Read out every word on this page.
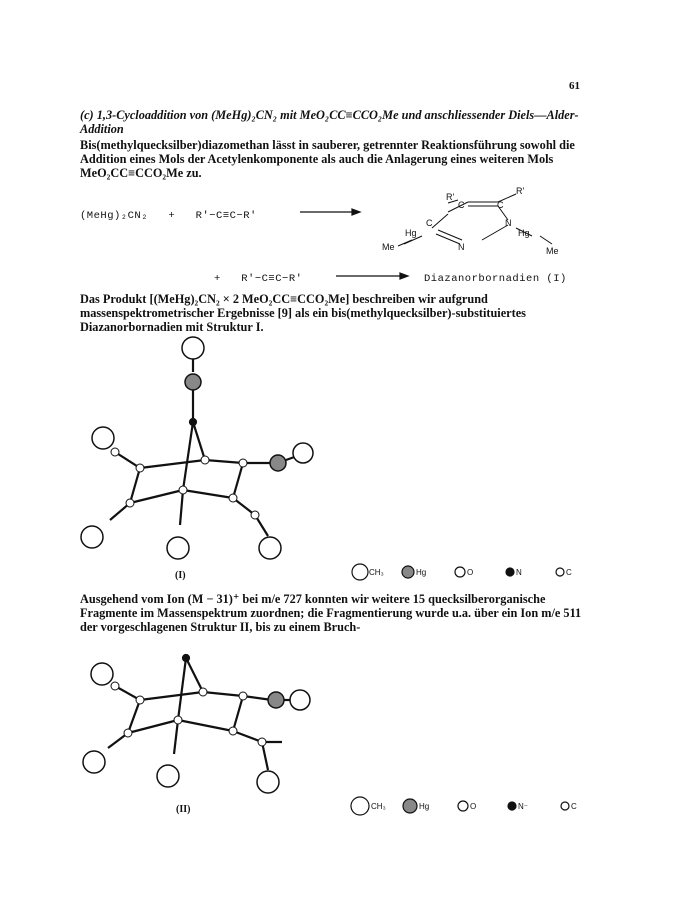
61
(c) 1,3-Cycloaddition von (MeHg)₂CN₂ mit MeO₂CC≡CCO₂Me und anschliessender Diels—Alder-Addition
Bis(methylquecksilber)diazomethan lässt in sauberer, getrennter Reaktionsführung sowohl die Addition eines Mols der Acetylenkomponente als auch die Anlagerung eines weiteren Mols MeO₂CC≡CCO₂Me zu.
(MeHg)₂CN₂ + R'−C≡C−R'
+ R'−C≡C−R'	Diazanorbornadien (I)
Das Produkt [(MeHg)₂CN₂ × 2 MeO₂CC≡CCO₂Me] beschreiben wir aufgrund massenspektrometrischer Ergebnisse [9] als ein bis(methylquecksilber)-substituiertes Diazanorbornadien mit Struktur I.
Ausgehend vom Ion (M − 31)⁺ bei m/e 727 konnten wir weitere 15 quecksilberorganische Fragmente im Massenspektrum zuordnen; die Fragmentierung wurde u.a. über ein Ion m/e 511 der vorgeschlagenen Struktur II, bis zu einem Bruch-
R'
R'
C	C
C	N
N
Hg	Hg
Me	Me
(I)	CH₃	Hg	O	N	C
(II)	CH₃	Hg	O	N⁻	C
